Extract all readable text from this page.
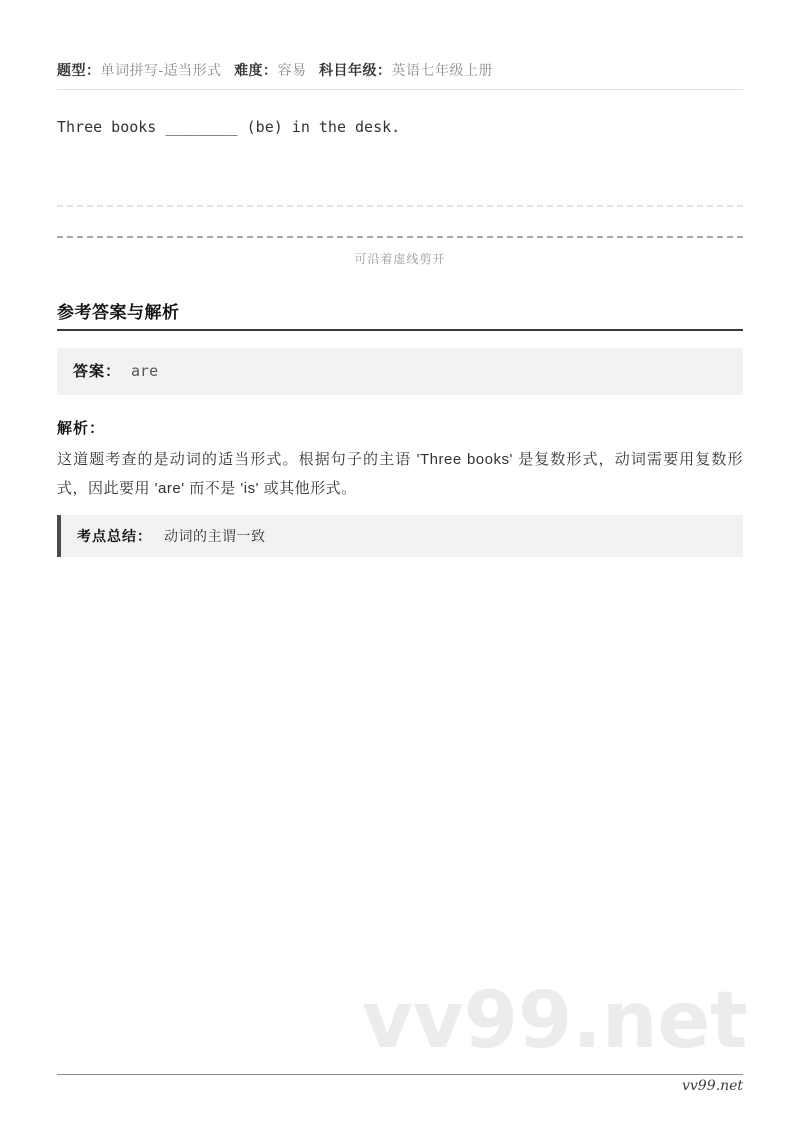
vv99.net
题型：单词拼写-适当形式 难度：容易 科目年级：英语七年级上册
Three books ________ (be) in the desk.
可沿着虚线剪开
参考答案与解析
答案： are
解析：
这道题考查的是动词的适当形式。根据句子的主语 'Three books' 是复数形式，动词需要用复数形式，因此要用 'are' 而不是 'is' 或其他形式。
考点总结： 动词的主谓一致
vv99.net
